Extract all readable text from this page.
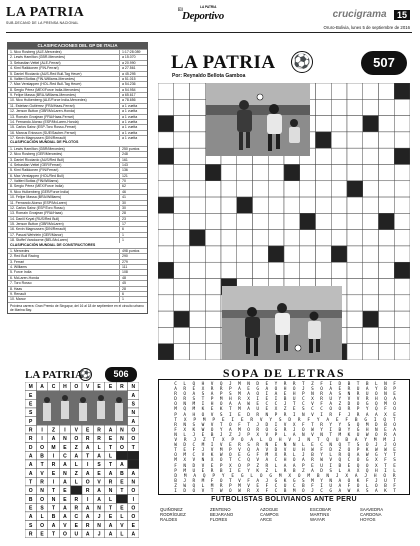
LA PATRIA
SUB-DECANO DE LA PRENSA NACIONAL
El
LA PATRIA
Deportivo	crucigrama 15
Oruro-Bolivia, lunes 5 de septiembre de 2016
CLASIFICACIONES DEL GP DE ITALIA
1. Nico Rosberg (ALE-Mercedes)	1:17:28.089
2. Lewis Hamilton (GBR-Mercedes)	a 15.070
3. Sebastian Vettel (ALE-Ferrari)	a 20.990
4. Kimi Raikkonen (FIN-Ferrari)	a 27.561
5. Daniel Ricciardo (AUS-Red Bull-Tag Heuer)	a 45.295
6. Valtteri Bottas (FIN-Williams-Mercedes)	a 51.015
7. Max Verstappen (HOL-Red Bull-Tag Heuer)	a 54.236
8. Sergio Pérez (MEX/Force India-Mercedes)	a 54.954
9. Felipe Massa (BRA-Williams-Mercedes)	a 65.617
10. Nico Hulkenberg (ALE/Force India-Mercedes)	a 78.656
11. Esteban Gutiérrez (FRA/Haas-Ferrari)	a 1 vuelta
12. Jenson Button (GBR/McLaren-Honda)	a 1 vuelta
13. Romain Grosjean (FRA/Haas-Ferrari)	a 1 vuelta
14. Fernando Alonso (ESP/McLaren-Honda)	a 1 vuelta
15. Carlos Sainz (ESP-Toro Rosso-Ferrari)	a 1 vuelta
16. Marcus Ericsson (SUE/Sauber-Ferrari)	a 1 vuelta
17. Kevin Magnussen (DIN/Renault)	a 1 vuelta
CLASIFICACIÓN MUNDIAL DE PILOTOS
1. Lewis Hamilton (GBR/Mercedes)	250 puntos
2. Nico Rosberg (GER/Mercedes)	248
3. Daniel Ricciardo (AUS/Red Bull)	161
4. Sebastian Vettel (GER/Ferrari)	143
5. Kimi Raikkonen (FIN/Ferrari)	136
6. Max Verstappen (HOL/Red Bull)	121
7. Valtteri Bottas (FIN/Williams)	70
8. Sergio Pérez (MEX/Force India)	62
9. Nico Hulkenberg (GER/Force India)	46
10. Felipe Massa (BRA/Williams)	41
11. Fernando Alonso (ESP/McLaren)	30
12. Carlos Sainz (ESP/Toro Rosso)	30
13. Romain Grosjean (FRA/Haas)	28
14. Daniil Kvyat (RUS/Red Bull)	23
15. Jenson Button (GBR/McLaren)	17
16. Kevin Magnussen (DIN/Renault)	6
17. Pascal Wehrlein (GER/Manor)	1
18. Stoffel Vandoorne (BEL/McLaren)	1
CLASIFICACIÓN MUNDIAL DE CONSTRUCTORES
1. Mercedes	498 puntos
2. Red Bull Racing	290
3. Ferrari	279
4. Williams	111
5. Force India	108
6. McLaren-Honda	48
7. Toro Rosso	45
8. Haas	28
9. Renault	6
10. Manor	1
Próxima carrera: Gran Premio de Singapur, del 16 al 18 de septiembre en el circuito urbano de Marina Bay.
LA PATRIA
⚽	506
M A C H O V E E R N
E	A
E	S
S	N
P	A
R I Z I V E R A N O
R I A N O R R E N O
D O M E Z A L T O T
A B I C A T A L
A T R A L I S T A
A V E N Z A E A B A
T R I A L O V R E N
O N T E	R A N T O
B O N E R I A L	I
E S T A R A N T E O
A L B A C A J E L O
S O A V E R N A V E
R E T O U A J A L A
LA PATRIA ⚽	507
Por: Reynaldo Bellota Gamboa
SOPA DE LETRAS
C	L	Q	H	V	Q	J	M	N	D	E	Y	R	R	T	Z	F	I	D	B	T	B	L	N	F
A	R	E	X	R	R	P	A	E	G	A	O	H	O	J	S	O	A	E	R	U	A	Y	B	P
R	O	A	S	A	P	S	M	A	O	I	A	E	H	P	N	R	A	S	N	R	U	O	N	E
D	R	S	T	P	M	H	R	X	I	E	I	B	U	C	X	R	U	Y	V	V	R	H	Q	A
O	N	M	I	H	O	A	A	W	E	C	C	J	T	C	V	F	A	Z	D	O	G	Q	M	O
M	Q	M	K	E	K	T	M	A	U	E	X	Z	E	S	C	C	O	O	R	P	Y	Q	F	O
P	A	H	O	V	S	I	E	D	R	N	P	R	I	N	V	I	R	F	J	R	A	A	X	E
T	X	P	M	P	E	I	E	R	V	Y	S	D	R	F	Y	A	E	F	B	G	I	Q	T
R	N	S	W	V	T	O	F	T	J	D	I	V	X	F	T	R	Y	Y	S	Q	M	D	B	O
F	X	K	W	O	Y	A	M	O	R	O	G	R	J	O	W	Y	I	B	Y	G	H	N	E	A
N	L	J	E	B	J	Z	J	P	X	V	P	L	A	N	V	N	T	M	K	U	W	O	R	A
V	R	J	Z	T	X	P	O	A	L	D	H	V	J	N	T	Q	U	B	A	Y	M	M	J
W	D	C	M	I	V	E	R	S	R	N	E	N	N	L	E	C	N	Q	T	S	O	J	J	O
T	E	F	J	V	M	P	V	Q	A	V	D	V	U	H	W	F	D	Z	O	P	K	W	W	E
O	M	C	V	K	W	O	E	G	F	M	X	R	L	J	B	Y	L	R	Q	A	W	G	Y	T
M	X	V	N	X	O	T	C	Q	V	A	C	H	O	A	R	W	V	Q	C	O	G	X	F	S
F	N	D	V	E	P	X	O	P	Z	R	L	A	A	P	E	U	I	B	E	Q	O	X	T	E
P	M	U	E	R	B	I	E	Y	K	Z	L	R	B	Z	A	D	S	L	A	X	Q	H	I	L
D	M	A	Q	P	Y	E	G	L	O	G	M	X	O	M	B	N	J	X	A	J	H	O	R
B	J	R	M	F	O	T	V	F	A	J	G	K	G	S	M	Y	N	A	O	K	F	J	U	T
Z	W	Q	L	M	R	P	M	V	E	F	C	U	C	B	F	I	U	A	F	O	L	O	B	F
I	D	O	V	T	W	O	W	R	X	F	C	B	M	O	J	C	G	A	W	A	S	A	K	T
FUTBOLISTAS BOLIVIANOS ANTE PERU
QUIÑONEZ
RODRÍGUEZ
RALDES
ZENTENO
BEJARANO
FLORES
AZOGUE
CAMPOS
ARCE
ESCOBAR
MARTINS
WAYAR
SAAVEDRA
CARDONA
HOYOS
